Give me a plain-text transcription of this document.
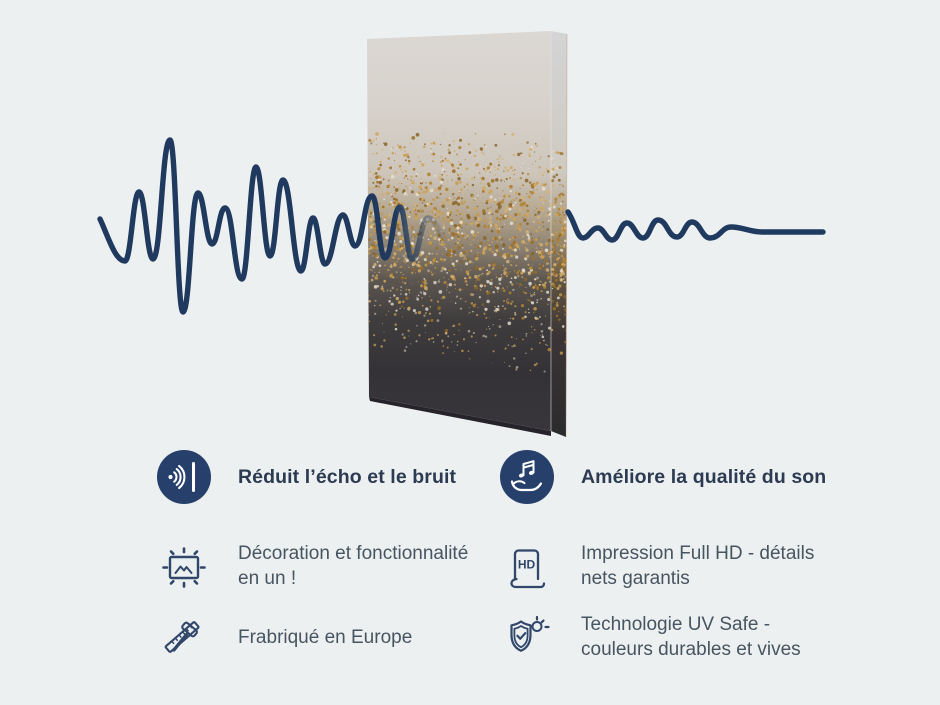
Réduit l’écho et le bruit	Améliore la qualité du son
Décoration et fonctionnalité
en un !
HD
Impression Full HD - détails
nets garantis
Frabriqué en Europe
Technologie UV Safe -
couleurs durables et vives
